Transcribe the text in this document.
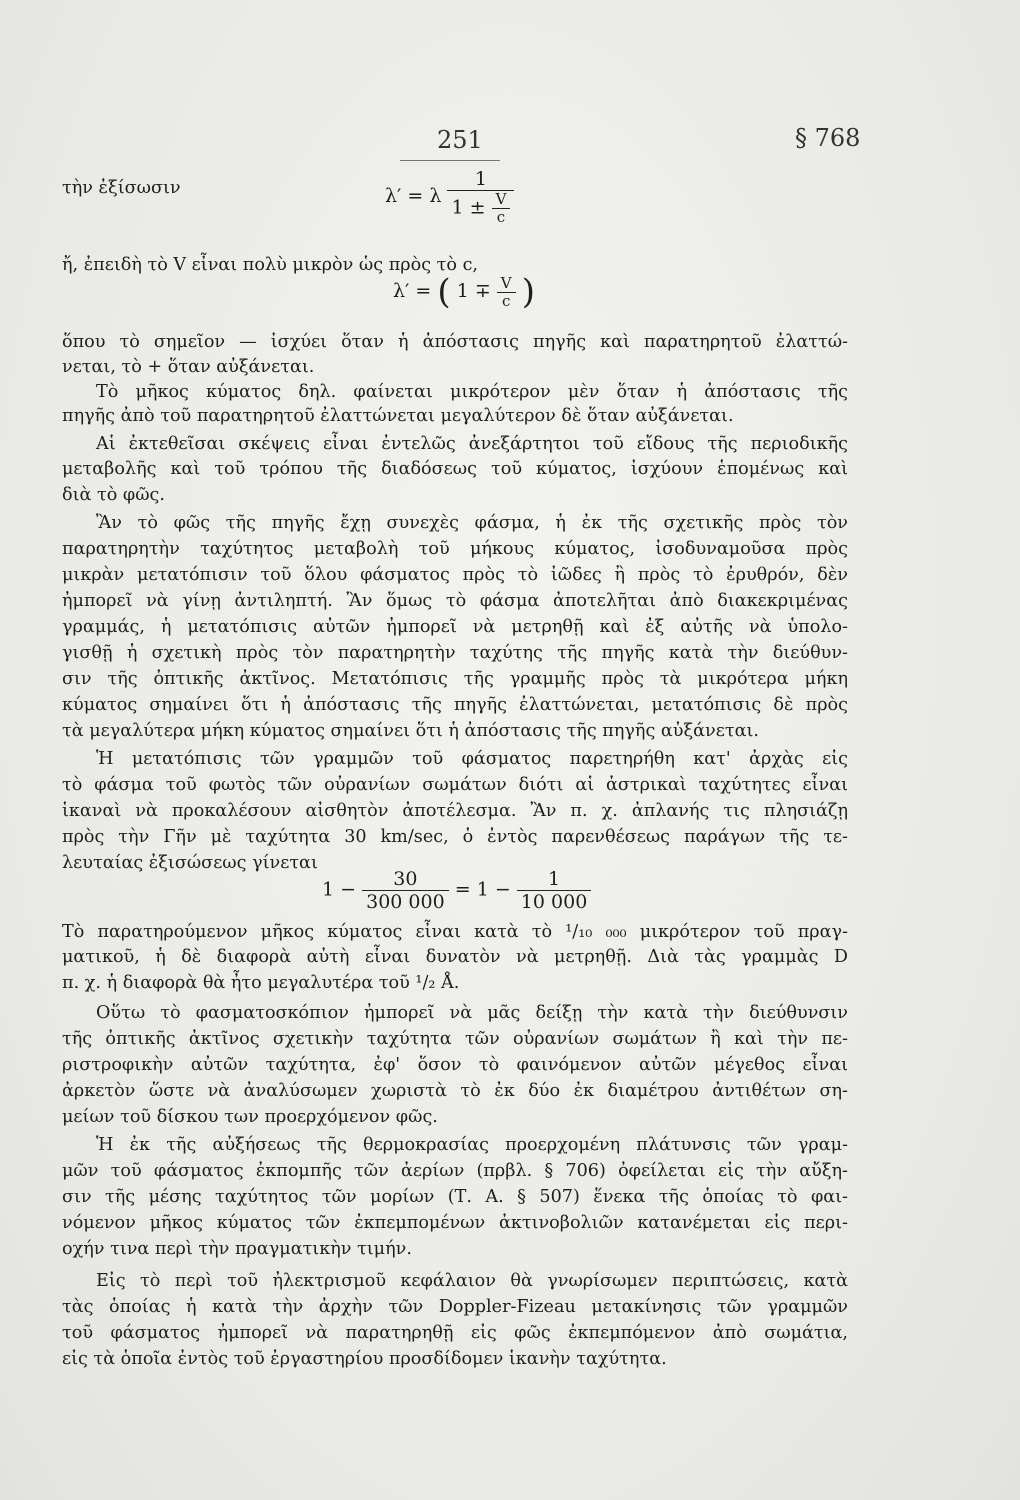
251	§ 768
τὴν ἐξίσωσιν	λ′ = λ $\frac{1}{1 \pm \frac{V}{c}}$
ἤ, ἐπειδὴ τὸ V εἶναι πολὺ μικρὸν ὡς πρὸς τὸ c,
λ′ = ( $1 \mp \frac{V}{c}$ )
ὅπου τὸ σημεῖον — ἰσχύει ὅταν ἡ ἀπόστασις πηγῆς καὶ παρατηρητοῦ ἐλαττώ-
νεται, τὸ + ὅταν αὐξάνεται.
Τὸ μῆκος κύματος δηλ. φαίνεται μικρότερον μὲν ὅταν ἡ ἀπόστασις τῆς
πηγῆς ἀπὸ τοῦ παρατηρητοῦ ἐλαττώνεται μεγαλύτερον δὲ ὅταν αὐξάνεται.
Αἱ ἐκτεθεῖσαι σκέψεις εἶναι ἐντελῶς ἀνεξάρτητοι τοῦ εἴδους τῆς περιοδικῆς
μεταβολῆς καὶ τοῦ τρόπου τῆς διαδόσεως τοῦ κύματος, ἰσχύουν ἑπομένως καὶ
διὰ τὸ φῶς.
Ἂν τὸ φῶς τῆς πηγῆς ἔχῃ συνεχὲς φάσμα, ἡ ἐκ τῆς σχετικῆς πρὸς τὸν
παρατηρητὴν ταχύτητος μεταβολὴ τοῦ μήκους κύματος, ἰσοδυναμοῦσα πρὸς
μικρὰν μετατόπισιν τοῦ ὅλου φάσματος πρὸς τὸ ἰῶδες ἢ πρὸς τὸ ἐρυθρόν, δὲν
ἠμπορεῖ νὰ γίνῃ ἀντιληπτή. Ἂν ὅμως τὸ φάσμα ἀποτελῆται ἀπὸ διακεκριμένας
γραμμάς, ἡ μετατόπισις αὐτῶν ἠμπορεῖ νὰ μετρηθῇ καὶ ἐξ αὐτῆς νὰ ὑπολο-
γισθῇ ἡ σχετικὴ πρὸς τὸν παρατηρητὴν ταχύτης τῆς πηγῆς κατὰ τὴν διεύθυν-
σιν τῆς ὀπτικῆς ἀκτῖνος. Μετατόπισις τῆς γραμμῆς πρὸς τὰ μικρότερα μήκη
κύματος σημαίνει ὅτι ἡ ἀπόστασις τῆς πηγῆς ἐλαττώνεται, μετατόπισις δὲ πρὸς
τὰ μεγαλύτερα μήκη κύματος σημαίνει ὅτι ἡ ἀπόστασις τῆς πηγῆς αὐξάνεται.
Ἡ μετατόπισις τῶν γραμμῶν τοῦ φάσματος παρετηρήθη κατ' ἀρχὰς εἰς
τὸ φάσμα τοῦ φωτὸς τῶν οὐρανίων σωμάτων διότι αἱ ἀστρικαὶ ταχύτητες εἶναι
ἱκαναὶ νὰ προκαλέσουν αἰσθητὸν ἀποτέλεσμα. Ἂν π. χ. ἀπλανής τις πλησιάζῃ
πρὸς τὴν Γῆν μὲ ταχύτητα 30 km/sec, ὁ ἐντὸς παρενθέσεως παράγων τῆς τε-
λευταίας ἐξισώσεως γίνεται
$1 - \frac{30}{300 000} = 1 - \frac{1}{10 000}$
Τὸ παρατηρούμενον μῆκος κύματος εἶναι κατὰ τὸ ¹/₁₀ ₀₀₀ μικρότερον τοῦ πραγ-
ματικοῦ, ἡ δὲ διαφορὰ αὐτὴ εἶναι δυνατὸν νὰ μετρηθῇ. Διὰ τὰς γραμμὰς D
π. χ. ἡ διαφορὰ θὰ ἦτο μεγαλυτέρα τοῦ ¹/₂ Å.
Οὕτω τὸ φασματοσκόπιον ἠμπορεῖ νὰ μᾶς δείξῃ τὴν κατὰ τὴν διεύθυνσιν
τῆς ὀπτικῆς ἀκτῖνος σχετικὴν ταχύτητα τῶν οὐρανίων σωμάτων ἢ καὶ τὴν πε-
ριστροφικὴν αὐτῶν ταχύτητα, ἐφ' ὅσον τὸ φαινόμενον αὐτῶν μέγεθος εἶναι
ἀρκετὸν ὥστε νὰ ἀναλύσωμεν χωριστὰ τὸ ἐκ δύο ἐκ διαμέτρου ἀντιθέτων ση-
μείων τοῦ δίσκου των προερχόμενον φῶς.
Ἡ ἐκ τῆς αὐξήσεως τῆς θερμοκρασίας προερχομένη πλάτυνσις τῶν γραμ-
μῶν τοῦ φάσματος ἐκπομπῆς τῶν ἀερίων (πρβλ. § 706) ὀφείλεται εἰς τὴν αὔξη-
σιν τῆς μέσης ταχύτητος τῶν μορίων (Τ. Α. § 507) ἕνεκα τῆς ὁποίας τὸ φαι-
νόμενον μῆκος κύματος τῶν ἐκπεμπομένων ἀκτινοβολιῶν κατανέμεται εἰς περι-
οχήν τινα περὶ τὴν πραγματικὴν τιμήν.
Εἰς τὸ περὶ τοῦ ἠλεκτρισμοῦ κεφάλαιον θὰ γνωρίσωμεν περιπτώσεις, κατὰ
τὰς ὁποίας ἡ κατὰ τὴν ἀρχὴν τῶν Doppler-Fizeau μετακίνησις τῶν γραμμῶν
τοῦ φάσματος ἠμπορεῖ νὰ παρατηρηθῇ εἰς φῶς ἐκπεμπόμενον ἀπὸ σωμάτια,
εἰς τὰ ὁποῖα ἐντὸς τοῦ ἐργαστηρίου προσδίδομεν ἱκανὴν ταχύτητα.
